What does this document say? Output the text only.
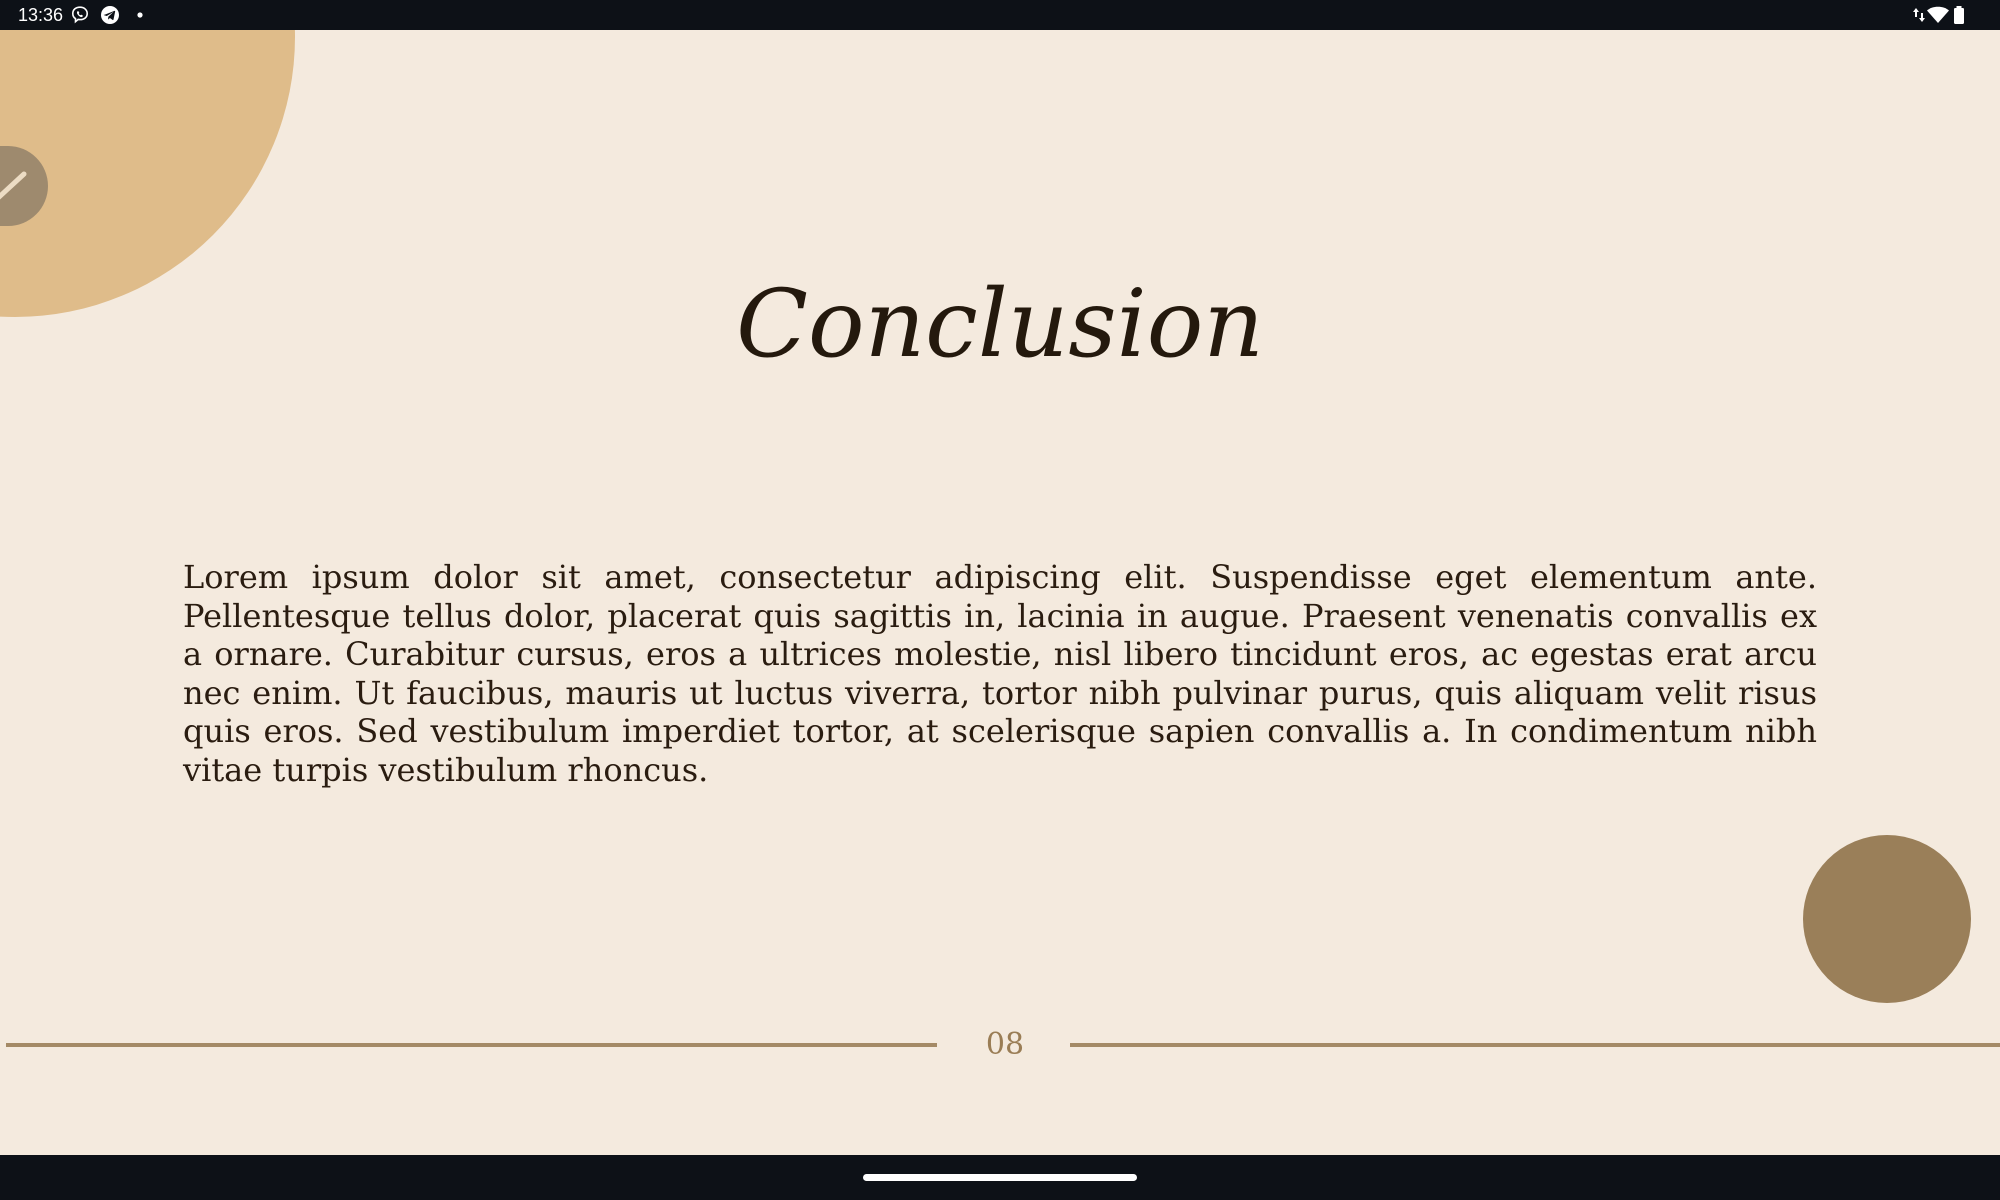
13:36
Conclusion

Lorem ipsum dolor sit amet, consectetur adipiscing elit. Suspendisse eget elementum ante. Pellentesque tellus dolor, placerat quis sagittis in, lacinia in augue. Praesent venenatis convallis ex a ornare. Curabitur cursus, eros a ultrices molestie, nisl libero tincidunt eros, ac egestas erat arcu nec enim. Ut faucibus, mauris ut luctus viverra, tortor nibh pulvinar purus, quis aliquam velit risus quis eros. Sed vestibulum imperdiet tortor, at scelerisque sapien convallis a. In condimentum nibh vitae turpis vestibulum rhoncus.

08
